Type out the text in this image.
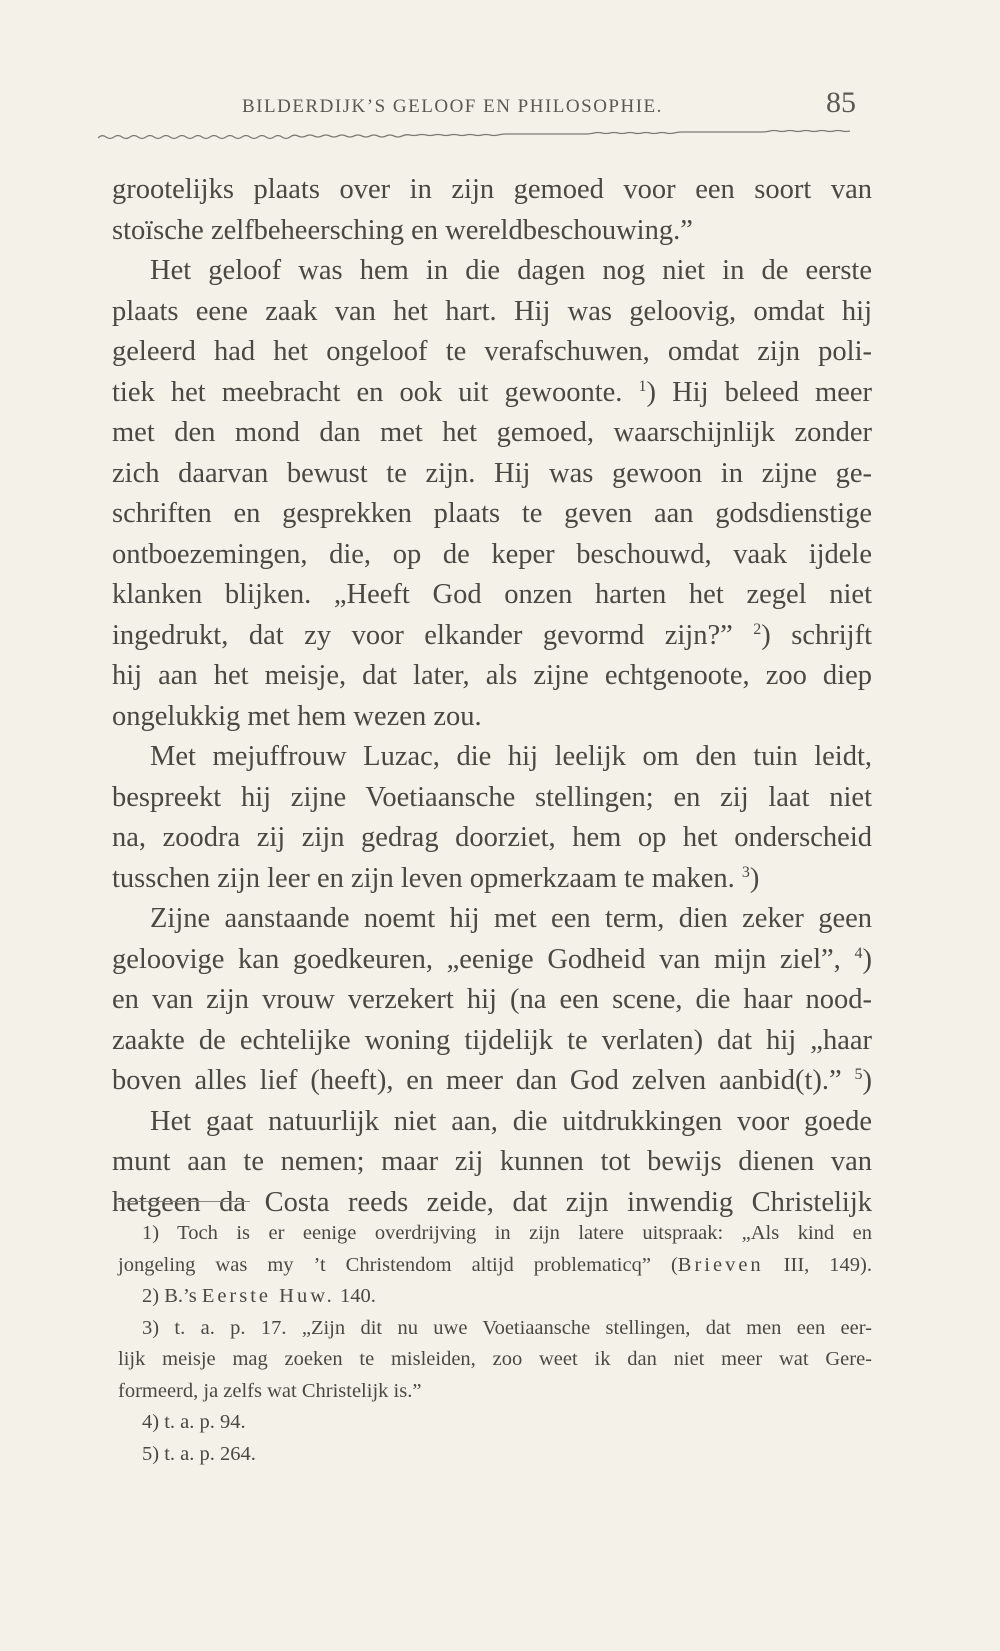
BILDERDIJK’S GELOOF EN PHILOSOPHIE.	85
grootelijks plaats over in zijn gemoed voor een soort van
stoïsche zelfbeheersching en wereldbeschouwing.”
Het geloof was hem in die dagen nog niet in de eerste
plaats eene zaak van het hart. Hij was geloovig, omdat hij
geleerd had het ongeloof te verafschuwen, omdat zijn poli-
tiek het meebracht en ook uit gewoonte. $^1$) Hij beleed meer
met den mond dan met het gemoed, waarschijnlijk zonder
zich daarvan bewust te zijn. Hij was gewoon in zijne ge-
schriften en gesprekken plaats te geven aan godsdienstige
ontboezemingen, die, op de keper beschouwd, vaak ijdele
klanken blijken. „Heeft God onzen harten het zegel niet
ingedrukt, dat zy voor elkander gevormd zijn?” $^2$) schrijft
hij aan het meisje, dat later, als zijne echtgenoote, zoo diep
ongelukkig met hem wezen zou.
Met mejuffrouw Luzac, die hij leelijk om den tuin leidt,
bespreekt hij zijne Voetiaansche stellingen; en zij laat niet
na, zoodra zij zijn gedrag doorziet, hem op het onderscheid
tusschen zijn leer en zijn leven opmerkzaam te maken. $^3$)
Zijne aanstaande noemt hij met een term, dien zeker geen
geloovige kan goedkeuren, „eenige Godheid van mijn ziel”, $^4$)
en van zijn vrouw verzekert hij (na een scene, die haar nood-
zaakte de echtelijke woning tijdelijk te verlaten) dat hij „haar
boven alles lief (heeft), en meer dan God zelven aanbid(t).” $^5$)
Het gaat natuurlijk niet aan, die uitdrukkingen voor goede
munt aan te nemen; maar zij kunnen tot bewijs dienen van
hetgeen da Costa reeds zeide, dat zijn inwendig Christelijk
1) Toch is er eenige overdrijving in zijn latere uitspraak: „Als kind en
jongeling was my ’t Christendom altijd problematicq” (Brieven III, 149).
2) B.’s Eerste Huw. 140.
3) t. a. p. 17. „Zijn dit nu uwe Voetiaansche stellingen, dat men een eer-
lijk meisje mag zoeken te misleiden, zoo weet ik dan niet meer wat Gere-
formeerd, ja zelfs wat Christelijk is.”
4) t. a. p. 94.
5) t. a. p. 264.
